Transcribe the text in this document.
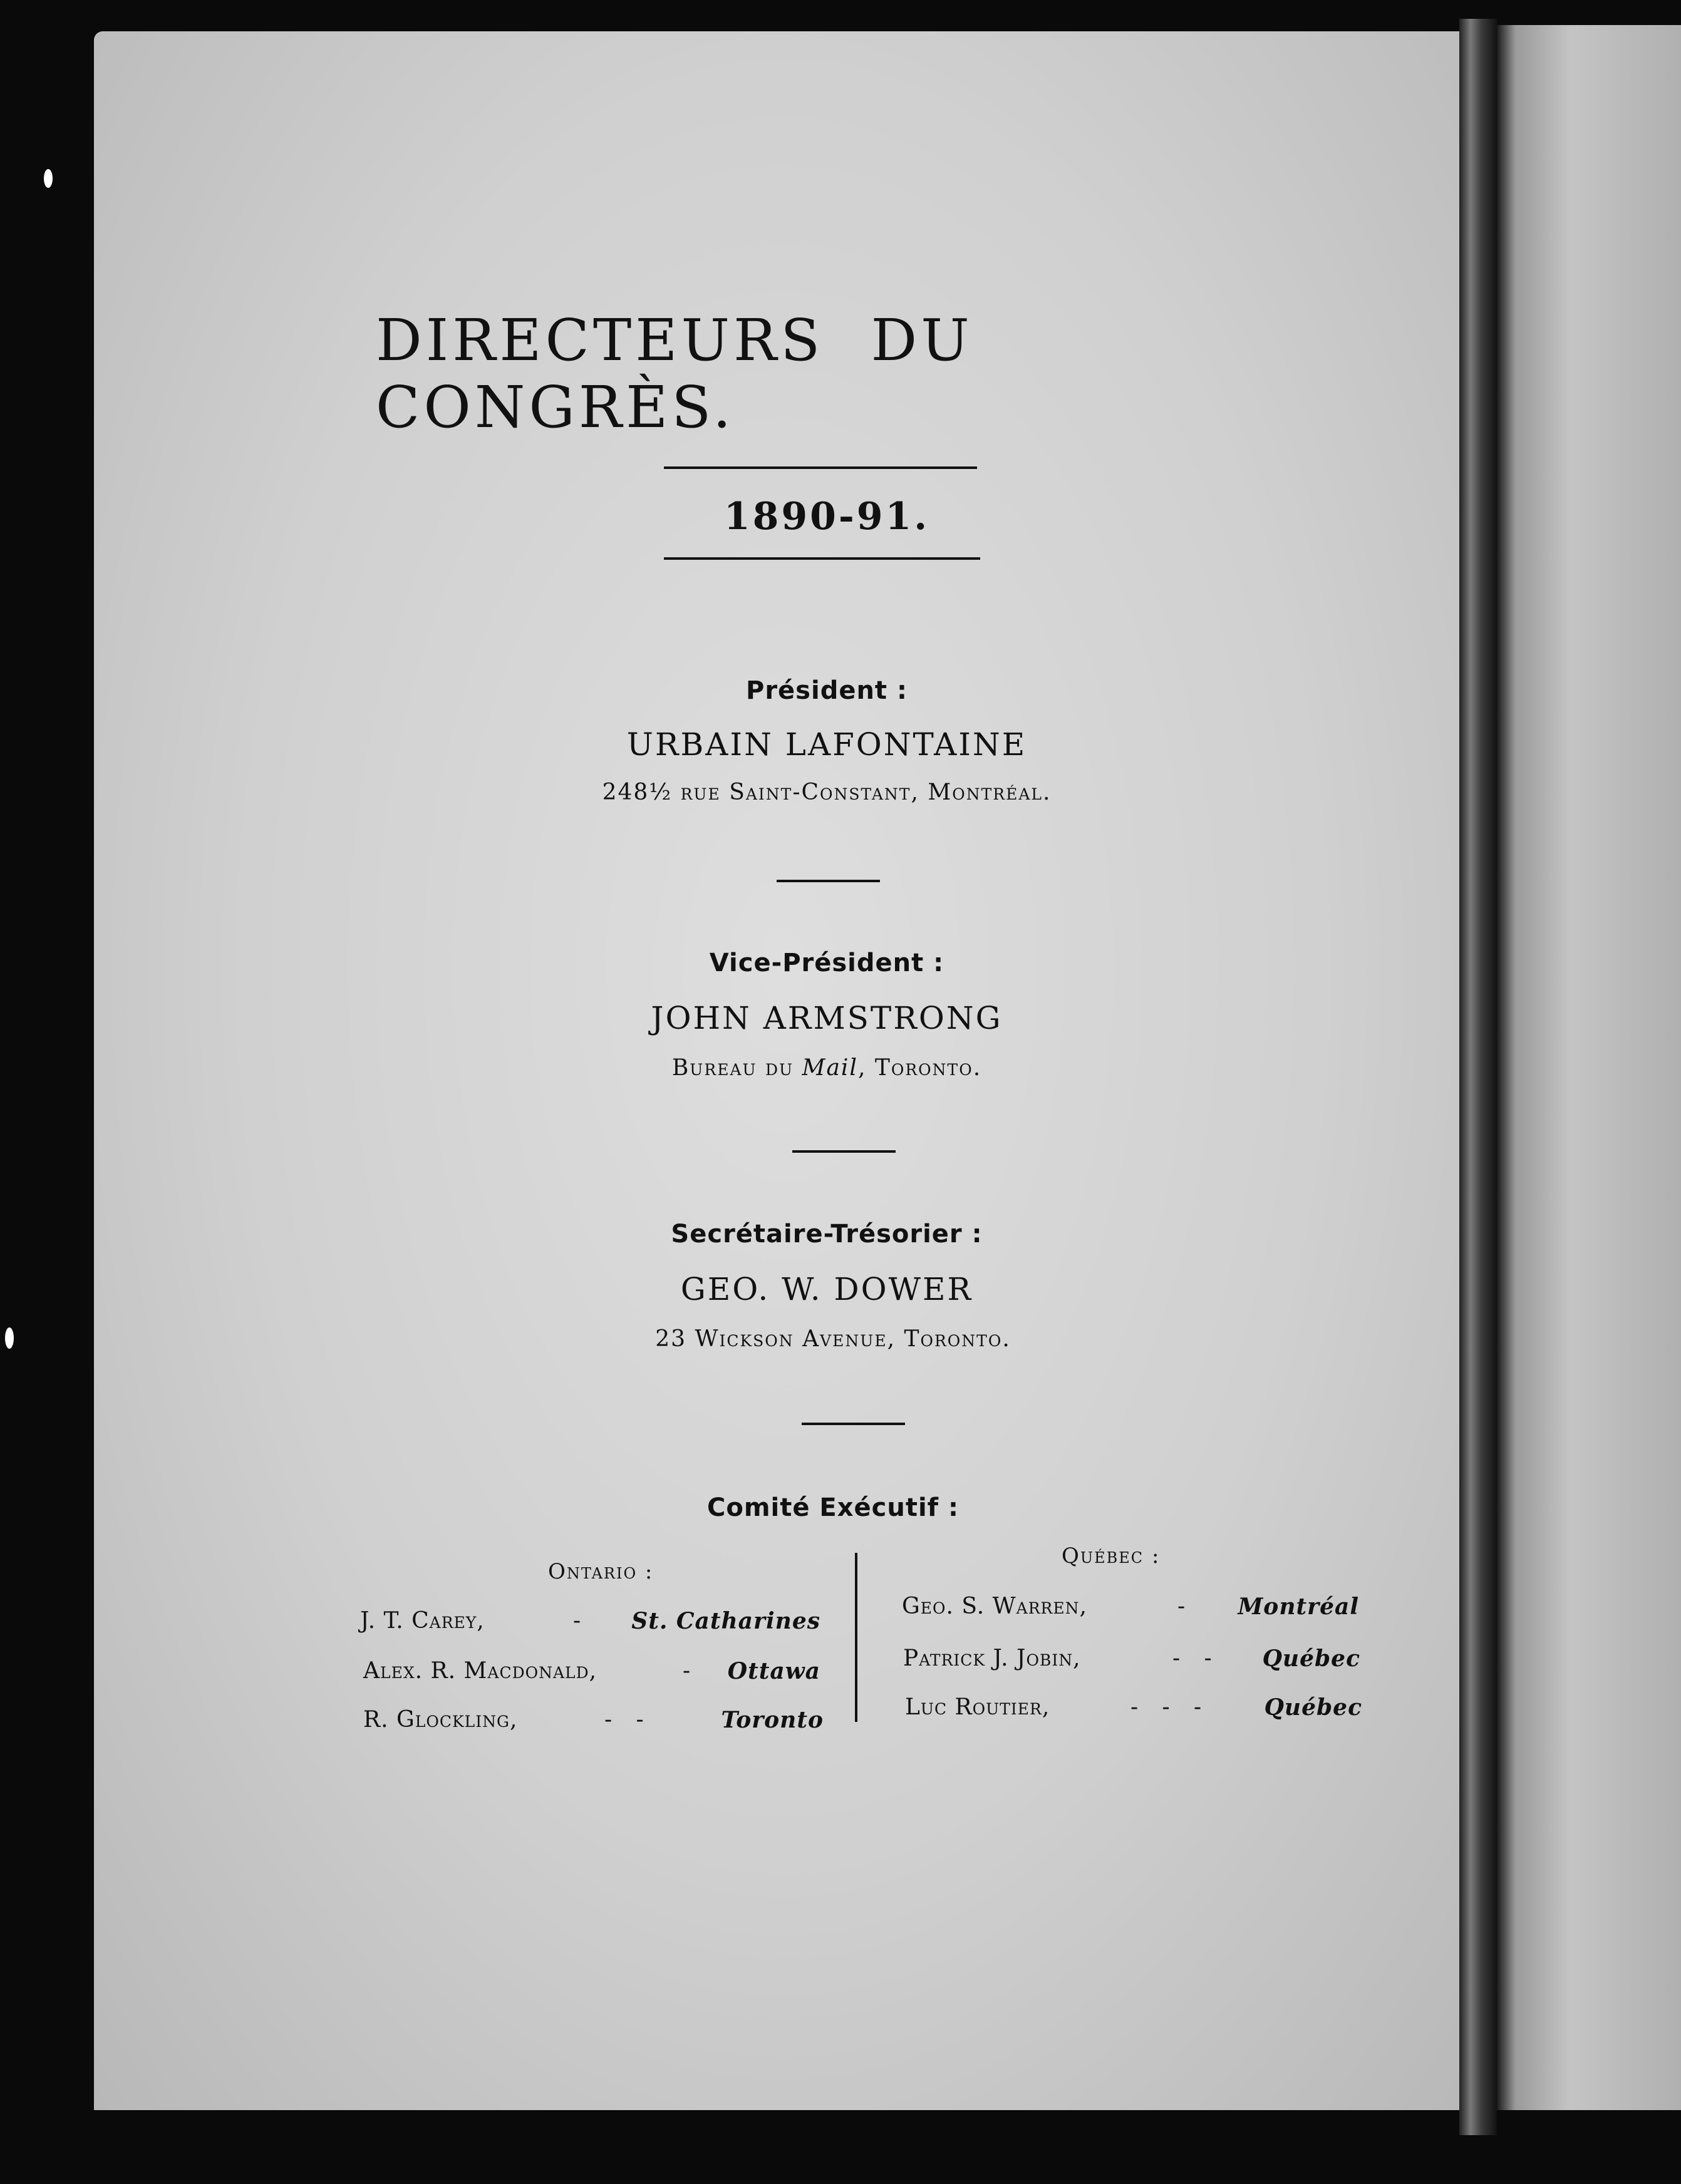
DIRECTEURS DU CONGRÈS.
1890-91.
Président :
URBAIN LAFONTAINE
248½ rue Saint-Constant, Montréal.
Vice-Président :
JOHN ARMSTRONG
Bureau du Mail, Toronto.
Secrétaire-Trésorier :
GEO. W. DOWER
23 Wickson Avenue, Toronto.
Comité Exécutif :
Ontario :
Québec :
J. T. Carey,	- St. Catharines
Alex. R. Macdonald,	- Ottawa
R. Glockling,	-   -	Toronto
Geo. S. Warren,	- Montréal
Patrick J. Jobin,	-   - Québec
Luc Routier,	-   -   -	Québec
